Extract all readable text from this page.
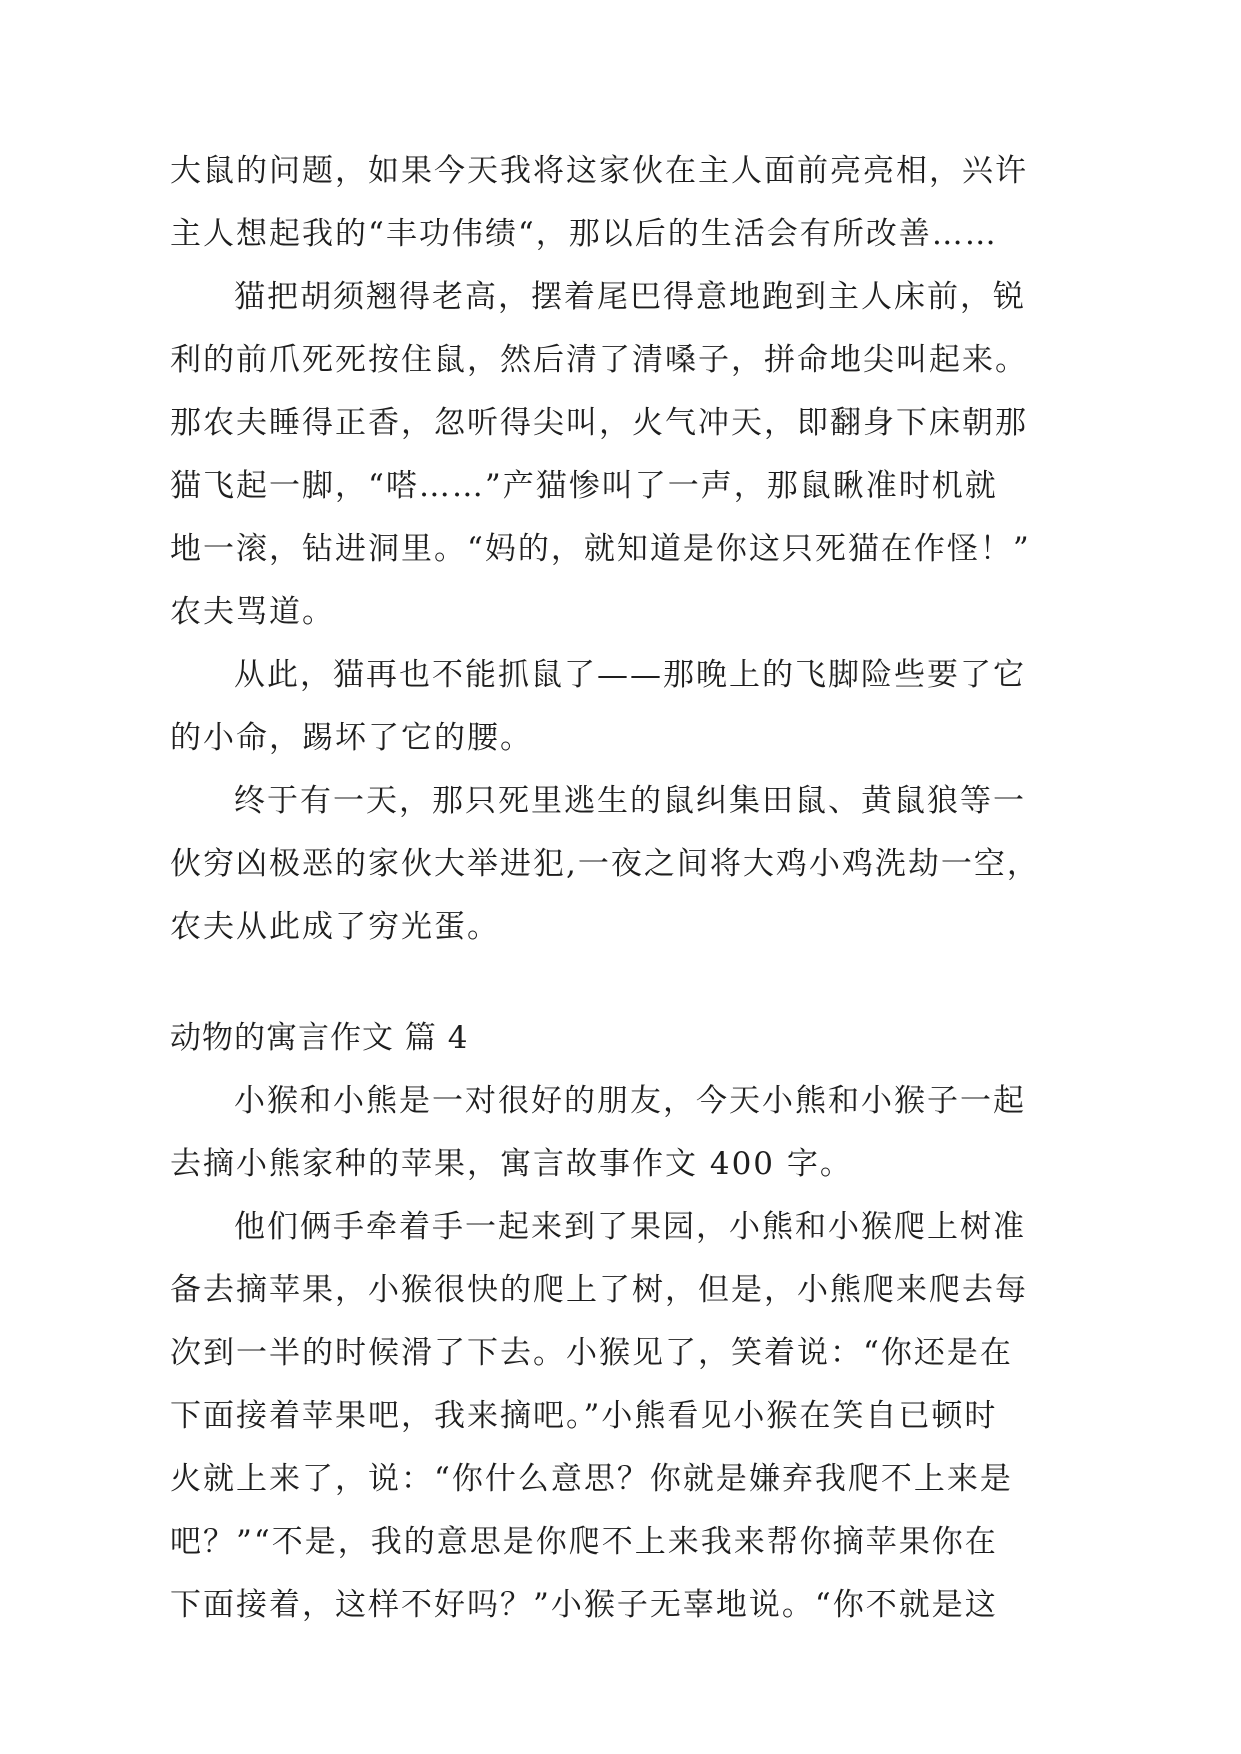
大鼠的问题，如果今天我将这家伙在主人面前亮亮相，兴许
主人想起我的“丰功伟绩“，那以后的生活会有所改善……
猫把胡须翘得老高，摆着尾巴得意地跑到主人床前，锐
利的前爪死死按住鼠，然后清了清嗓子，拼命地尖叫起来。
那农夫睡得正香，忽听得尖叫，火气冲天，即翻身下床朝那
猫飞起一脚，“嗒……”产猫惨叫了一声，那鼠瞅准时机就
地一滚，钻进洞里。“妈的，就知道是你这只死猫在作怪！”
农夫骂道。
从此，猫再也不能抓鼠了——那晚上的飞脚险些要了它
的小命，踢坏了它的腰。
终于有一天，那只死里逃生的鼠纠集田鼠、黄鼠狼等一
伙穷凶极恶的家伙大举进犯,一夜之间将大鸡小鸡洗劫一空，
农夫从此成了穷光蛋。
动物的寓言作文 篇 4
小猴和小熊是一对很好的朋友，今天小熊和小猴子一起
去摘小熊家种的苹果，寓言故事作文 400 字。
他们俩手牵着手一起来到了果园，小熊和小猴爬上树准
备去摘苹果，小猴很快的爬上了树，但是，小熊爬来爬去每
次到一半的时候滑了下去。小猴见了，笑着说：“你还是在
下面接着苹果吧，我来摘吧。”小熊看见小猴在笑自已顿时
火就上来了，说：“你什么意思？你就是嫌弃我爬不上来是
吧？”“不是，我的意思是你爬不上来我来帮你摘苹果你在
下面接着，这样不好吗？”小猴子无辜地说。“你不就是这
